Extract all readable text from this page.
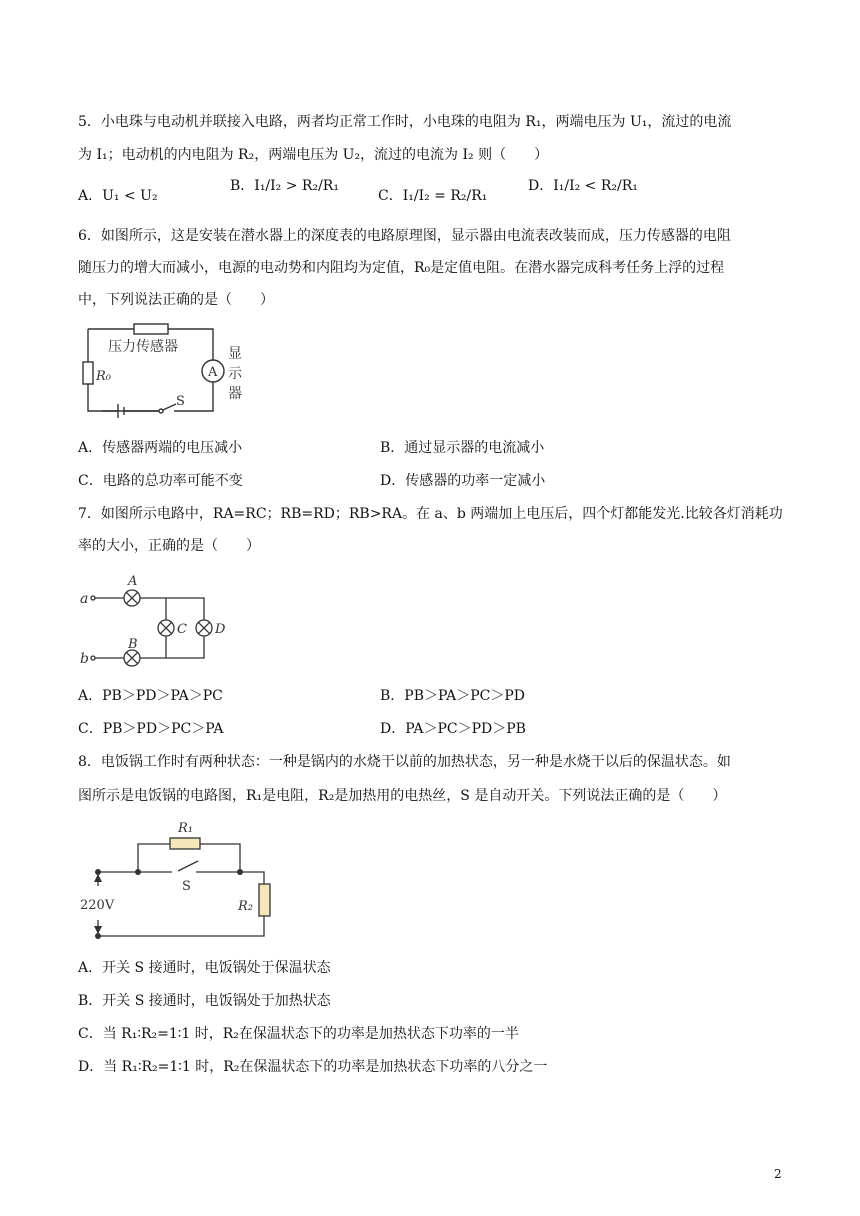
5．小电珠与电动机并联接入电路，两者均正常工作时，小电珠的电阻为 R₁，两端电压为 U₁，流过的电流
为 I₁；电动机的内电阻为 R₂，两端电压为 U₂，流过的电流为 I₂ 则（　　）
A．U₁ < U₂
B．I₁/I₂ > R₂/R₁
C．I₁/I₂ = R₂/R₁
D．I₁/I₂ < R₂/R₁
6．如图所示，这是安装在潜水器上的深度表的电路原理图，显示器由电流表改装而成，压力传感器的电阻
随压力的增大而减小，电源的电动势和内阻均为定值，R₀是定值电阻。在潜水器完成科考任务上浮的过程
中，下列说法正确的是（　　）
压力传感器
R₀	A
显
示
器
S
A．传感器两端的电压减小	B．通过显示器的电流减小
C．电路的总功率可能不变	D．传感器的功率一定减小
7．如图所示电路中，RA=RC；RB=RD；RB>RA。在 a、b 两端加上电压后，四个灯都能发光.比较各灯消耗功
率的大小，正确的是（　　）
a
b
A
B
C D
A．PB＞PD＞PA＞PC	B．PB＞PA＞PC＞PD
C．PB＞PD＞PC＞PA	D．PA＞PC＞PD＞PB
8．电饭锅工作时有两种状态：一种是锅内的水烧干以前的加热状态，另一种是水烧干以后的保温状态。如
图所示是电饭锅的电路图，R₁是电阻，R₂是加热用的电热丝，S 是自动开关。下列说法正确的是（　　）
R₁
S
220V	R₂
A．开关 S 接通时，电饭锅处于保温状态
B．开关 S 接通时，电饭锅处于加热状态
C．当 R₁∶R₂=1∶1 时，R₂在保温状态下的功率是加热状态下功率的一半
D．当 R₁∶R₂=1∶1 时，R₂在保温状态下的功率是加热状态下功率的八分之一
2
